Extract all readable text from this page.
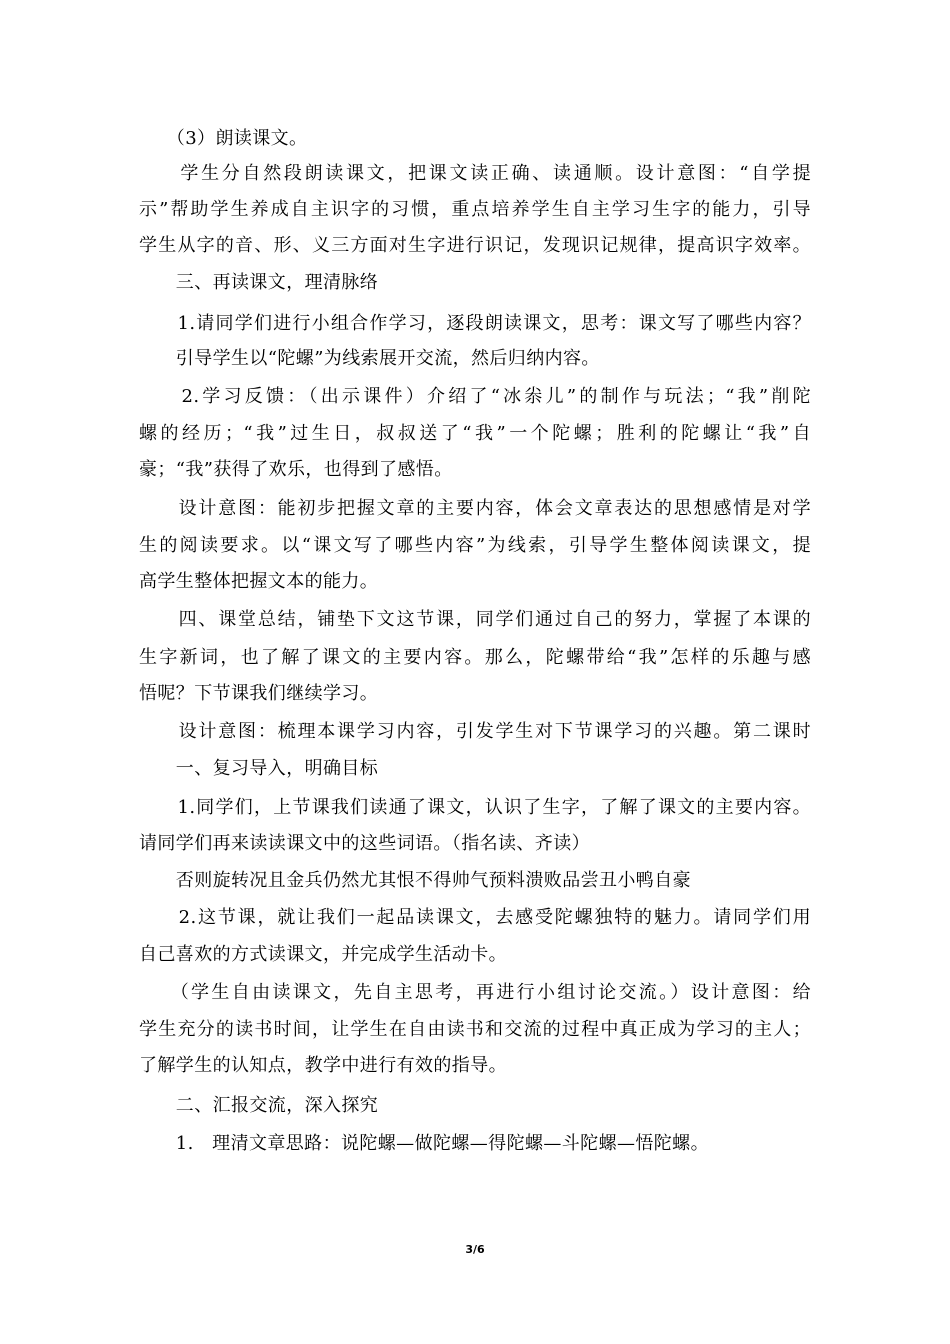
　　（3）朗读课文。
　　学生分自然段朗读课文，把课文读正确、读通顺。设计意图：“自学提
示”帮助学生养成自主识字的习惯，重点培养学生自主学习生字的能力，引导
学生从字的音、形、义三方面对生字进行识记，发现识记规律，提高识字效率。
　　三、再读课文，理清脉络
　　1.请同学们进行小组合作学习，逐段朗读课文，思考：课文写了哪些内容？
　　引导学生以“陀螺”为线索展开交流，然后归纳内容。
　　2.学习反馈：（出示课件）介绍了“冰尜儿”的制作与玩法；“我”削陀
螺的经历；“我”过生日，叔叔送了“我”一个陀螺；胜利的陀螺让“我”自
豪；“我”获得了欢乐，也得到了感悟。
　　设计意图：能初步把握文章的主要内容，体会文章表达的思想感情是对学
生的阅读要求。以“课文写了哪些内容”为线索，引导学生整体阅读课文，提
高学生整体把握文本的能力。
　　四、课堂总结，铺垫下文这节课，同学们通过自己的努力，掌握了本课的
生字新词，也了解了课文的主要内容。那么，陀螺带给“我”怎样的乐趣与感
悟呢？下节课我们继续学习。
　　设计意图：梳理本课学习内容，引发学生对下节课学习的兴趣。第二课时
　　一、复习导入，明确目标
　　1.同学们，上节课我们读通了课文，认识了生字，了解了课文的主要内容。
请同学们再来读读课文中的这些词语。（指名读、齐读）
　　否则旋转况且金兵仍然尤其恨不得帅气预料溃败品尝丑小鸭自豪
　　2.这节课，就让我们一起品读课文，去感受陀螺独特的魅力。请同学们用
自己喜欢的方式读课文，并完成学生活动卡。
　　（学生自由读课文，先自主思考，再进行小组讨论交流。）设计意图：给
学生充分的读书时间，让学生在自由读书和交流的过程中真正成为学习的主人；
了解学生的认知点，教学中进行有效的指导。
　　二、汇报交流，深入探究
　　1.　理清文章思路：说陀螺—做陀螺—得陀螺—斗陀螺—悟陀螺。
3/6
